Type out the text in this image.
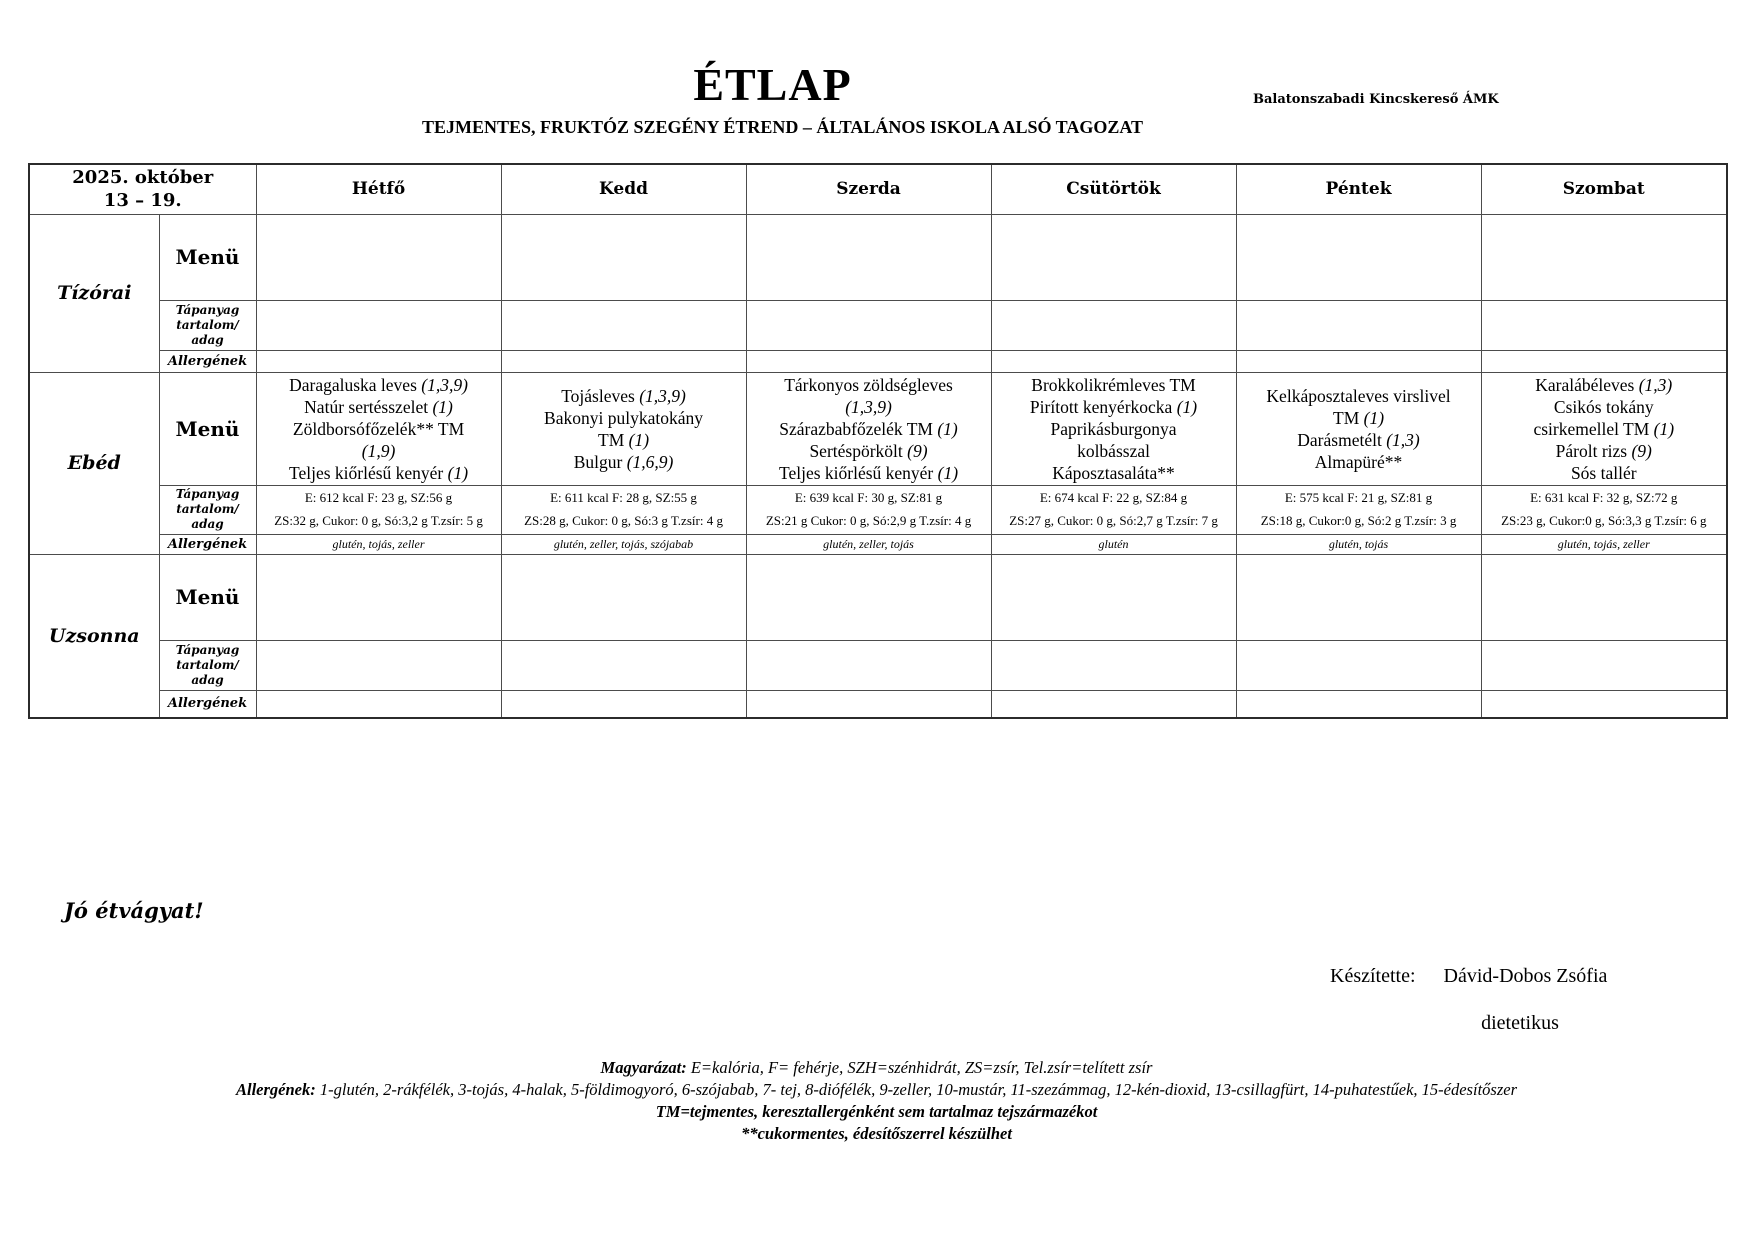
ÉTLAP	Balatonszabadi Kincskereső ÁMK
TEJMENTES, FRUKTÓZ SZEGÉNY ÉTREND – ÁLTALÁNOS ISKOLA ALSÓ TAGOZAT
2025. október
13 – 19.		Hétfő	Kedd	Szerda	Csütörtök	Péntek	Szombat
Tízórai	Menü						
	Tápanyag
tartalom/
adag						
	Allergének						
Ebéd	Menü	Daragaluska leves (1,3,9)
Natúr sertésszelet (1)
Zöldborsófőzelék** TM
(1,9)
Teljes kiőrlésű kenyér (1)	Tojásleves (1,3,9)
Bakonyi pulykatokány
TM (1)
Bulgur (1,6,9)	Tárkonyos zöldségleves
(1,3,9)
Szárazbabfőzelék TM (1)
Sertéspörkölt (9)
Teljes kiőrlésű kenyér (1)	Brokkolikrémleves TM
Pirított kenyérkocka (1)
Paprikásburgonya
kolbásszal
Káposztasaláta**	Kelkáposztaleves virslivel
TM (1)
Darásmetélt (1,3)
Almapüré**	Karalábéleves (1,3)
Csikós tokány
csirkemellel TM (1)
Párolt rizs (9)
Sós tallér
	Tápanyag
tartalom/
adag	E: 612 kcal F: 23 g, SZ:56 g
ZS:32 g, Cukor: 0 g, Só:3,2 g T.zsír: 5 g	E: 611 kcal F: 28 g, SZ:55 g
ZS:28 g, Cukor: 0 g, Só:3 g T.zsír: 4 g	E: 639 kcal F: 30 g, SZ:81 g
ZS:21 g Cukor: 0 g, Só:2,9 g T.zsír: 4 g	E: 674 kcal F: 22 g, SZ:84 g
ZS:27 g, Cukor: 0 g, Só:2,7 g T.zsír: 7 g	E: 575 kcal F: 21 g, SZ:81 g
ZS:18 g, Cukor:0 g, Só:2 g T.zsír: 3 g	E: 631 kcal F: 32 g, SZ:72 g
ZS:23 g, Cukor:0 g, Só:3,3 g T.zsír: 6 g
	Allergének	glutén, tojás, zeller	glutén, zeller, tojás, szójabab	glutén, zeller, tojás	glutén	glutén, tojás	glutén, tojás, zeller
Uzsonna	Menü						
	Tápanyag
tartalom/
adag						
	Allergének						
Jó étvágyat!
Készítette: Dávid-Dobos Zsófia
dietetikus
Magyarázat: E=kalória, F= fehérje, SZH=szénhidrát, ZS=zsír, Tel.zsír=telített zsír
Allergének: 1-glutén, 2-rákfélék, 3-tojás, 4-halak, 5-földimogyoró, 6-szójabab, 7- tej, 8-diófélék, 9-zeller, 10-mustár, 11-szezámmag, 12-kén-dioxid, 13-csillagfürt, 14-puhatestűek, 15-édesítőszer
TM=tejmentes, keresztallergénként sem tartalmaz tejszármazékot
**cukormentes, édesítőszerrel készülhet
